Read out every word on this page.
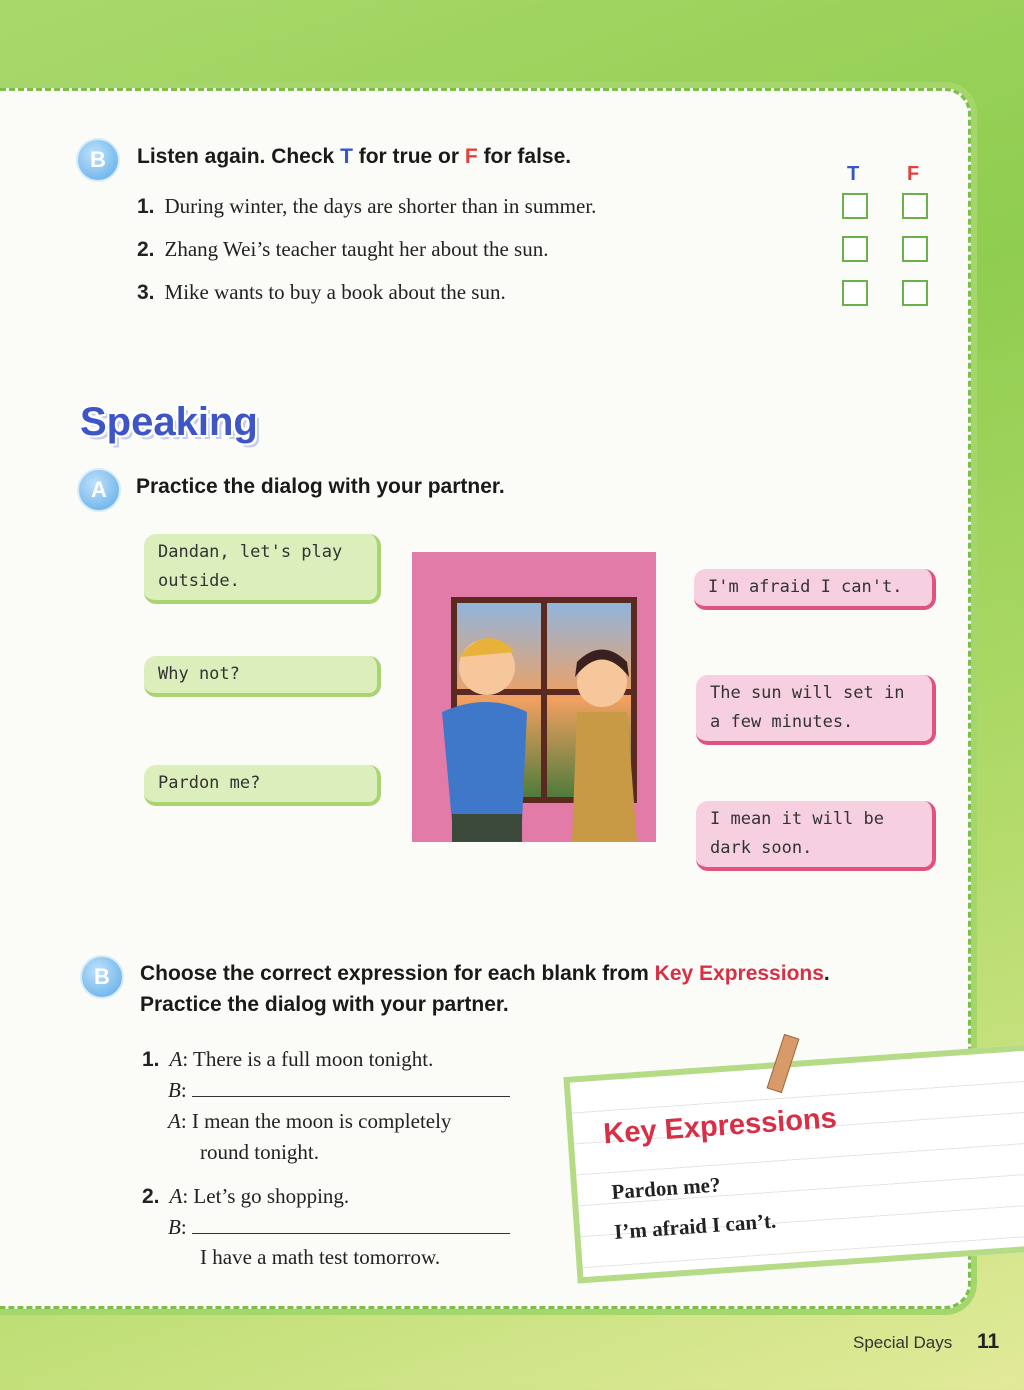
B	Listen again. Check T for true or F for false.
T F
1. During winter, the days are shorter than in summer.
2. Zhang Wei’s teacher taught her about the sun.
3. Mike wants to buy a book about the sun.
Speaking
A	Practice the dialog with your partner.
Dandan, let's play outside.
Why not?
Pardon me?
I'm afraid I can't.
The sun will set in a few minutes.
I mean it will be dark soon.
B	Choose the correct expression for each blank from Key Expressions.
Practice the dialog with your partner.
1. A: There is a full moon tonight.
B:
A: I mean the moon is completely
round tonight.
2. A: Let’s go shopping.
B:
I have a math test tomorrow.
Key Expressions
Pardon me?
I’m afraid I can’t.
Special Days 11
